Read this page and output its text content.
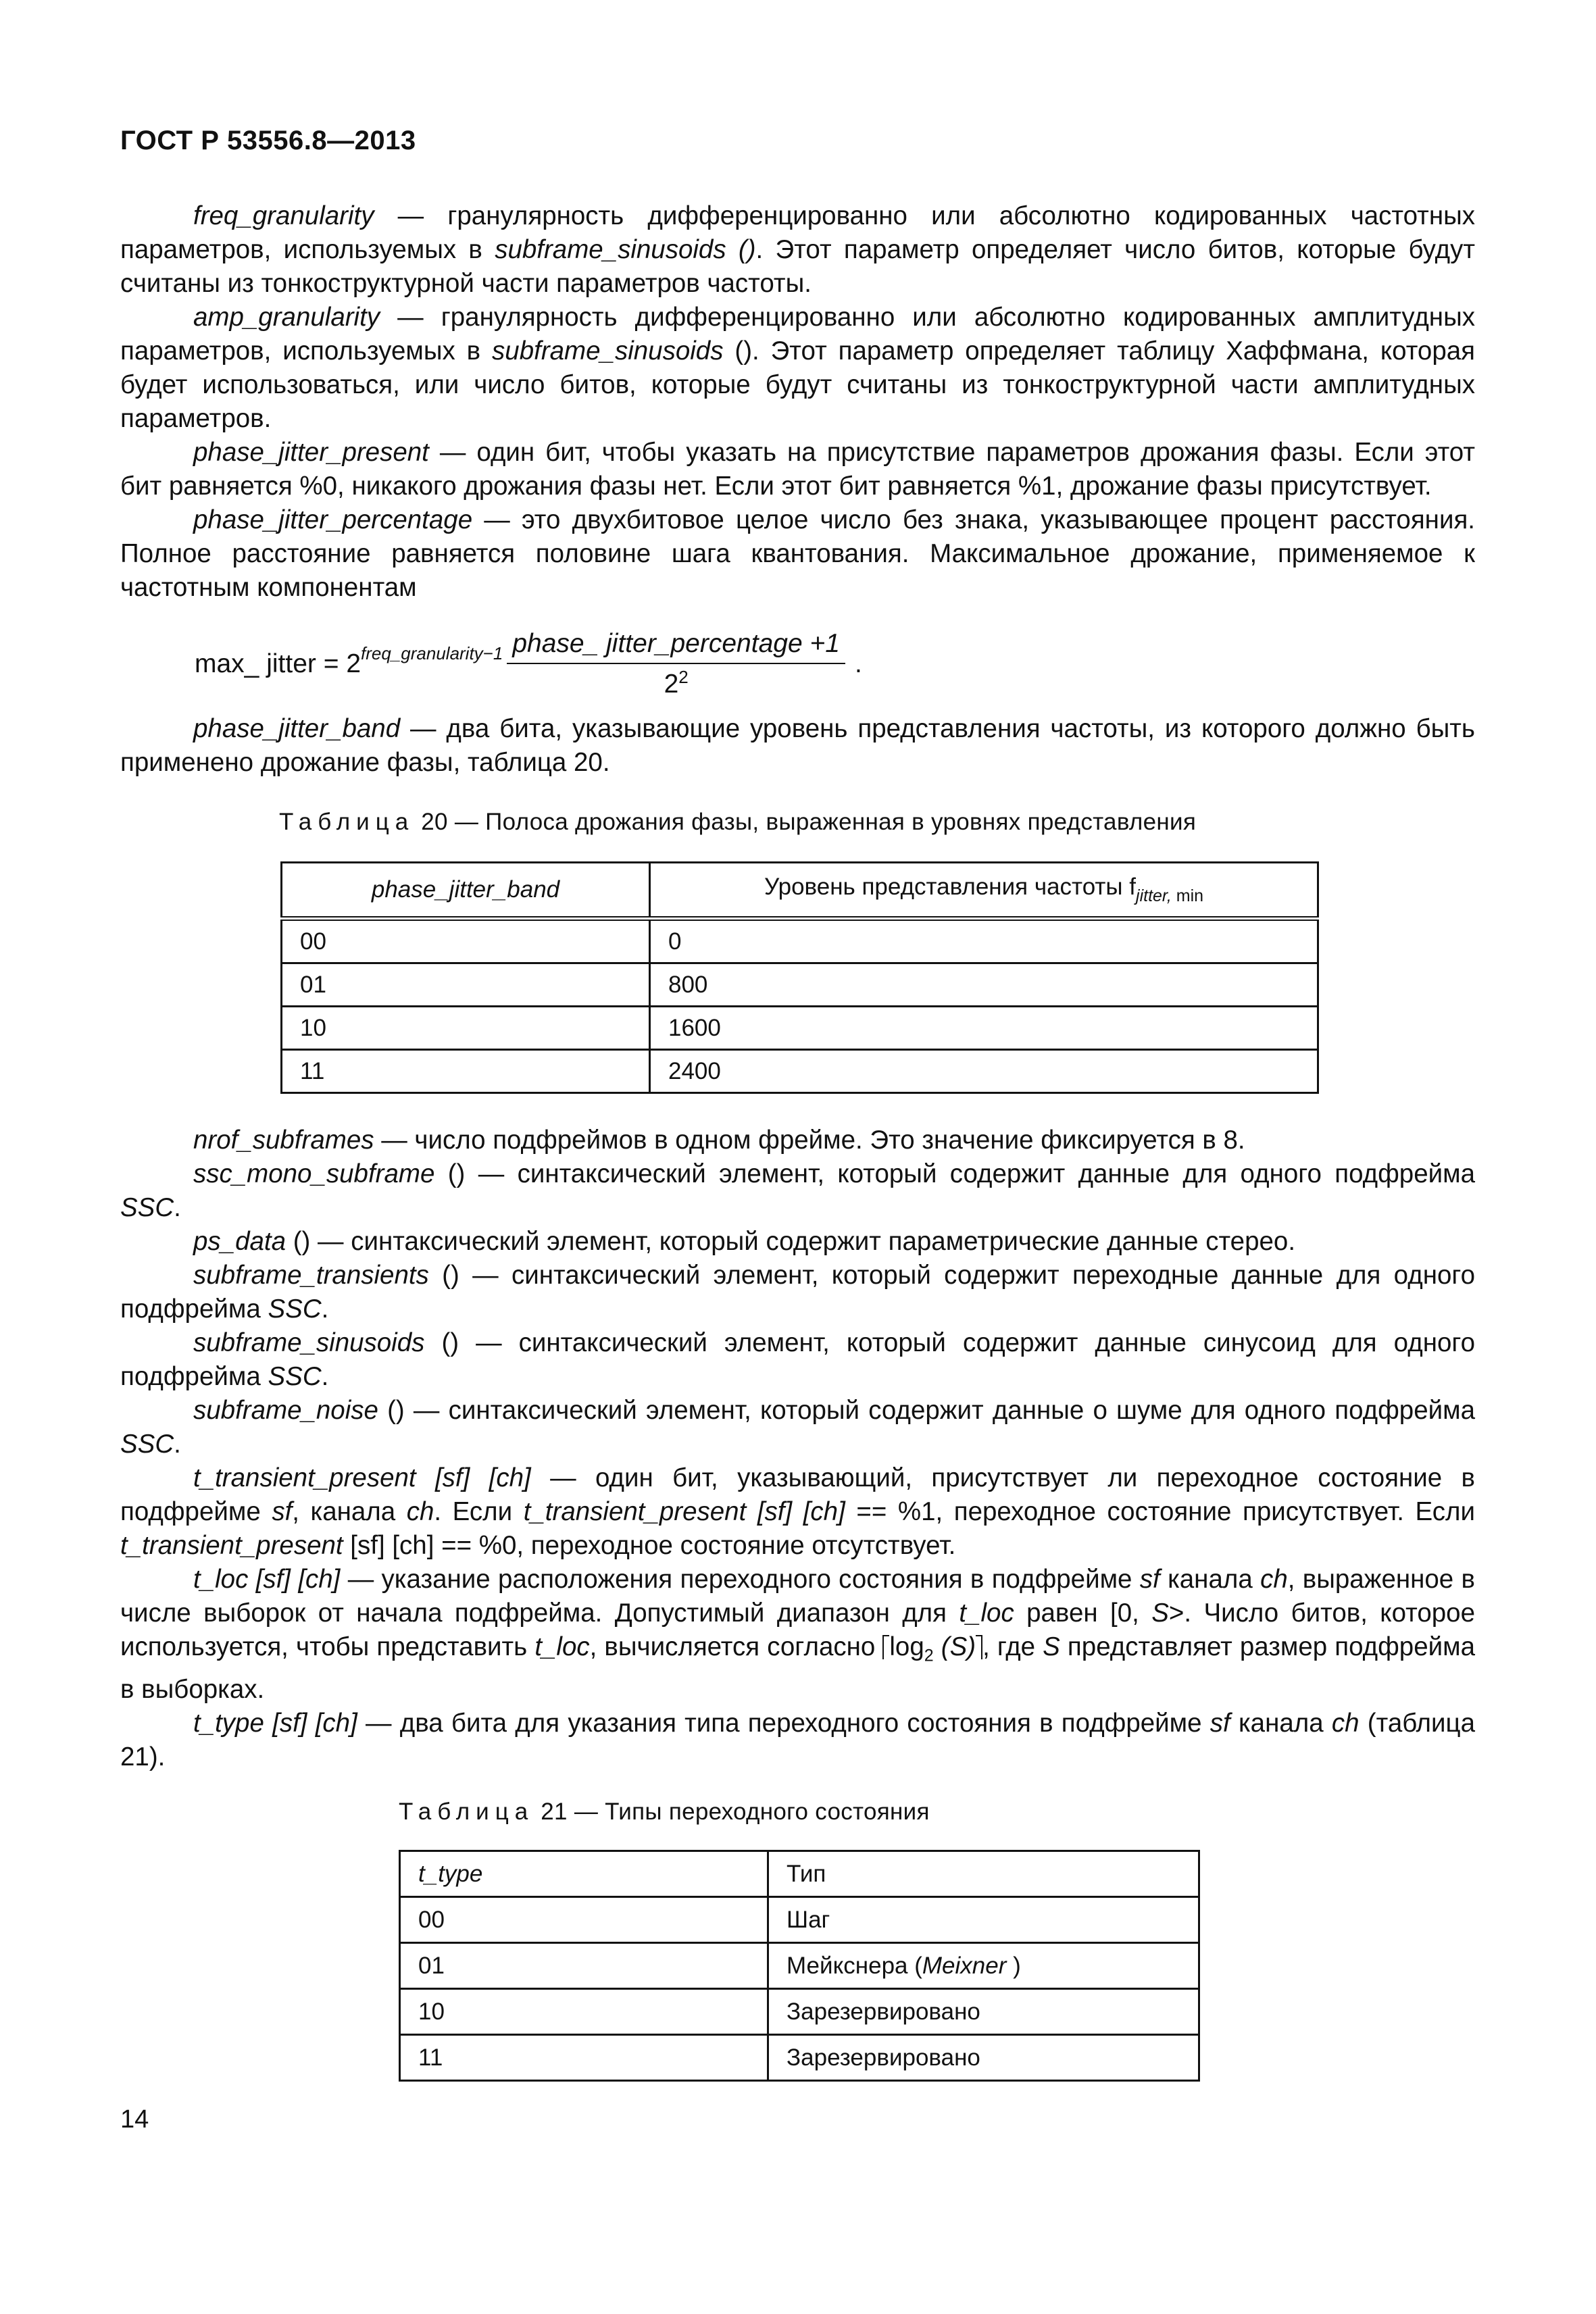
ГОСТ Р 53556.8—2013

freq_granularity — гранулярность дифференцированно или абсолютно кодированных частотных параметров, используемых в subframe_sinusoids (). Этот параметр определяет число битов, которые будут считаны из тонкоструктурной части параметров частоты.

amp_granularity — гранулярность дифференцированно или абсолютно кодированных амплитудных параметров, используемых в subframe_sinusoids (). Этот параметр определяет таблицу Хаффмана, которая будет использоваться, или число битов, которые будут считаны из тонкоструктурной части амплитудных параметров.

phase_jitter_present — один бит, чтобы указать на присутствие параметров дрожания фазы. Если этот бит равняется %0, никакого дрожания фазы нет. Если этот бит равняется %1, дрожание фазы присутствует.

phase_jitter_percentage — это двухбитовое целое число без знака, указывающее процент расстояния. Полное расстояние равняется половине шага квантования. Максимальное дрожание, применяемое к частотным компонентам

max_ jitter = 2 freq_granularity−1 $\frac{\text{phase\_ jitter\_percentage +1}}{2^2}$ .

phase_jitter_band — два бита, указывающие уровень представления частоты, из которого должно быть применено дрожание фазы, таблица 20.

Таблица 20 — Полоса дрожания фазы, выраженная в уровнях представления
phase_jitter_band	Уровень представления частоты $f_{jitter,}$ $_{min}$
00	0
01	800
10	1600
11	2400

nrof_subframes — число подфреймов в одном фрейме. Это значение фиксируется в 8.

ssc_mono_subframe () — синтаксический элемент, который содержит данные для одного подфрейма SSC.

ps_data () — синтаксический элемент, который содержит параметрические данные стерео.

subframe_transients () — синтаксический элемент, который содержит переходные данные для одного подфрейма SSC.

subframe_sinusoids () — синтаксический элемент, который содержит данные синусоид для одного подфрейма SSC.

subframe_noise () — синтаксический элемент, который содержит данные о шуме для одного подфрейма SSC.

t_transient_present [sf] [ch] — один бит, указывающий, присутствует ли переходное состояние в подфрейме sf, канала ch. Если t_transient_present [sf] [ch] == %1, переходное состояние присутствует. Если t_transient_present [sf] [ch] == %0, переходное состояние отсутствует.

t_loc [sf] [ch] — указание расположения переходного состояния в подфрейме sf канала ch, выраженное в числе выборок от начала подфрейма. Допустимый диапазон для t_loc равен [0, S>. Число битов, которое используется, чтобы представить t_loc, вычисляется согласно $\log_2 (S)$ , где S представляет размер подфрейма в выборках.

t_type [sf] [ch] — два бита для указания типа переходного состояния в подфрейме sf канала ch (таблица 21).

Таблица 21 — Типы переходного состояния
t_type	Тип
00	Шаг
01	Мейкснера (Meixner )
10	Зарезервировано
11	Зарезервировано
14
